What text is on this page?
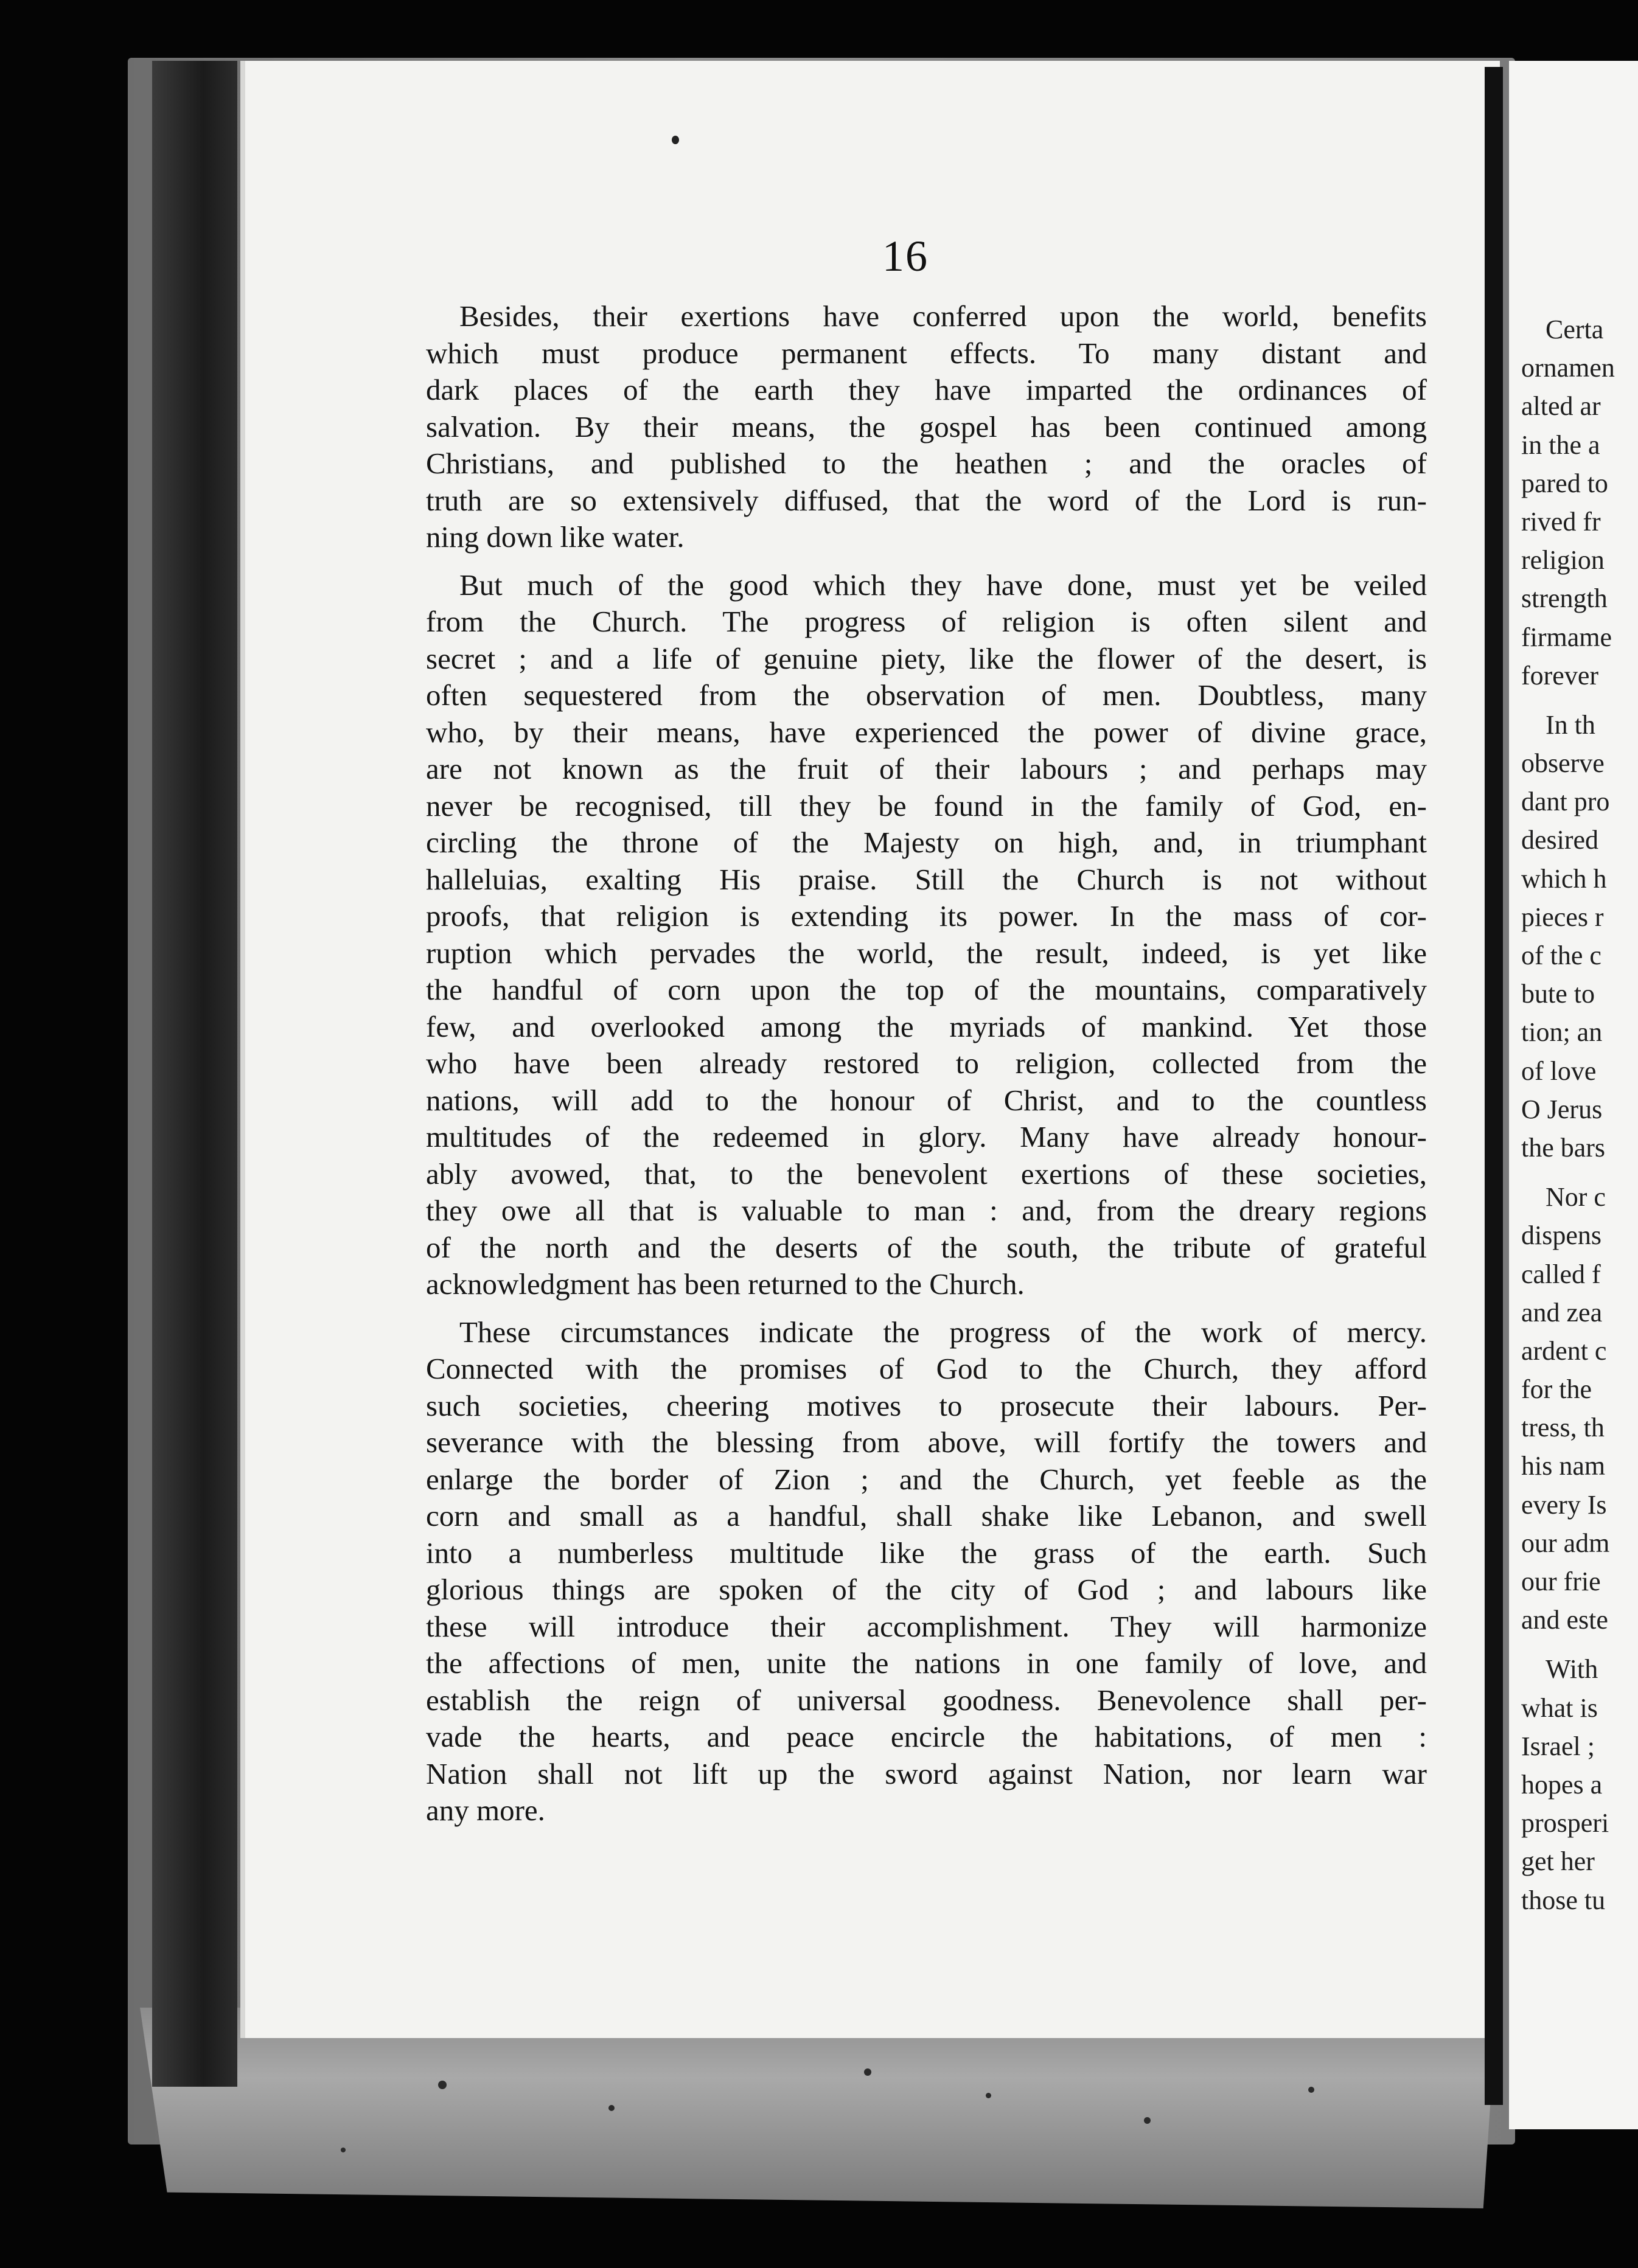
Certa
ornamen
alted ar
in the a
pared to
rived fr
religion
strength
firmame
forever
In th
observe
dant pro
desired
which h
pieces r
of the c
bute to
tion; an
of love
O Jerus
the bars
Nor c
dispens
called f
and zea
ardent c
for the
tress, th
his nam
every Is
our adm
our frie
and este
With
what is
Israel ;
hopes a
prosperi
get her
those tu
16

Besides, their exertions have conferred upon the world, benefits
which must produce permanent effects. To many distant and
dark places of the earth they have imparted the ordinances of
salvation. By their means, the gospel has been continued among
Christians, and published to the heathen ; and the oracles of
truth are so extensively diffused, that the word of the Lord is run-
ning down like water.

But much of the good which they have done, must yet be veiled
from the Church. The progress of religion is often silent and
secret ; and a life of genuine piety, like the flower of the desert, is
often sequestered from the observation of men. Doubtless, many
who, by their means, have experienced the power of divine grace,
are not known as the fruit of their labours ; and perhaps may
never be recognised, till they be found in the family of God, en-
circling the throne of the Majesty on high, and, in triumphant
halleluias, exalting His praise. Still the Church is not without
proofs, that religion is extending its power. In the mass of cor-
ruption which pervades the world, the result, indeed, is yet like
the handful of corn upon the top of the mountains, comparatively
few, and overlooked among the myriads of mankind. Yet those
who have been already restored to religion, collected from the
nations, will add to the honour of Christ, and to the countless
multitudes of the redeemed in glory. Many have already honour-
ably avowed, that, to the benevolent exertions of these societies,
they owe all that is valuable to man : and, from the dreary regions
of the north and the deserts of the south, the tribute of grateful
acknowledgment has been returned to the Church.

These circumstances indicate the progress of the work of mercy.
Connected with the promises of God to the Church, they afford
such societies, cheering motives to prosecute their labours. Per-
severance with the blessing from above, will fortify the towers and
enlarge the border of Zion ; and the Church, yet feeble as the
corn and small as a handful, shall shake like Lebanon, and swell
into a numberless multitude like the grass of the earth. Such
glorious things are spoken of the city of God ; and labours like
these will introduce their accomplishment. They will harmonize
the affections of men, unite the nations in one family of love, and
establish the reign of universal goodness. Benevolence shall per-
vade the hearts, and peace encircle the habitations, of men :
Nation shall not lift up the sword against Nation, nor learn war
any more.
